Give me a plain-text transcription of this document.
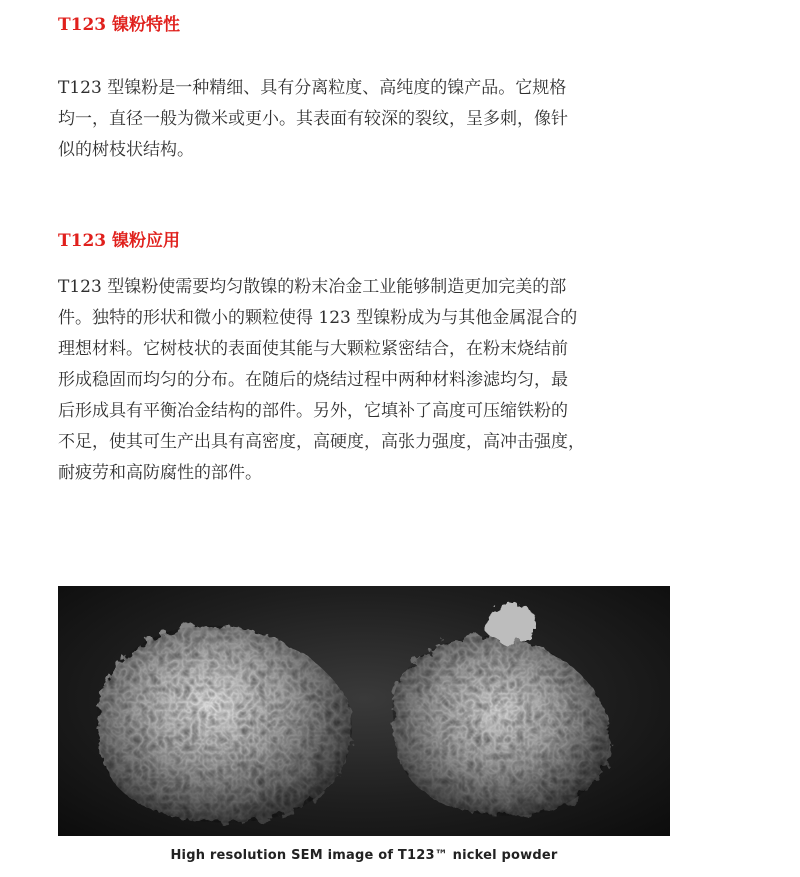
T123 镍粉特性

T123 型镍粉是一种精细、具有分离粒度、高纯度的镍产品。它规格
均一，直径一般为微米或更小。其表面有较深的裂纹，呈多刺，像针
似的树枝状结构。

T123 镍粉应用

T123 型镍粉使需要均匀散镍的粉末冶金工业能够制造更加完美的部
件。独特的形状和微小的颗粒使得 123 型镍粉成为与其他金属混合的
理想材料。它树枝状的表面使其能与大颗粒紧密结合，在粉末烧结前
形成稳固而均匀的分布。在随后的烧结过程中两种材料渗滤均匀，最
后形成具有平衡冶金结构的部件。另外，它填补了高度可压缩铁粉的
不足，使其可生产出具有高密度，高硬度，高张力强度，高冲击强度，
耐疲劳和高防腐性的部件。

High resolution SEM image of T123™ nickel powder
